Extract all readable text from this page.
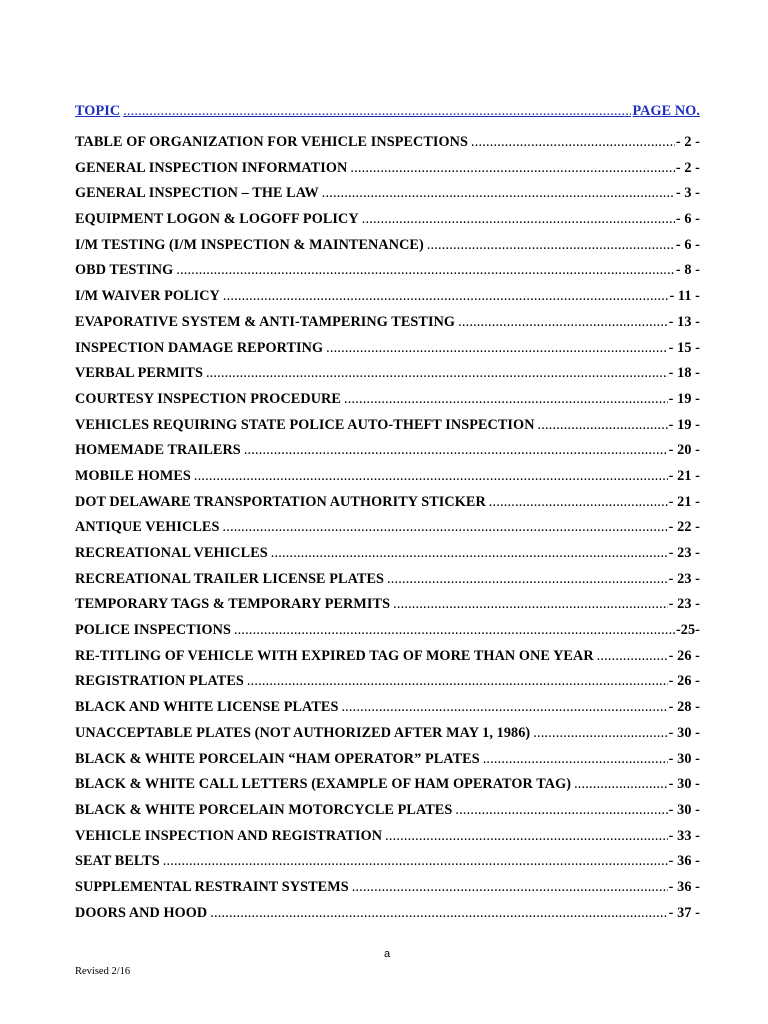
TOPIC .....	PAGE NO.
TABLE OF ORGANIZATION FOR VEHICLE INSPECTIONS .....	- 2 -
GENERAL INSPECTION INFORMATION .....	- 2 -
GENERAL INSPECTION – THE LAW .....	- 3 -
EQUIPMENT LOGON & LOGOFF POLICY .....	- 6 -
I/M TESTING (I/M INSPECTION & MAINTENANCE) .....	- 6 -
OBD TESTING .....	- 8 -
I/M WAIVER POLICY .....	- 11 -
EVAPORATIVE SYSTEM & ANTI-TAMPERING TESTING .....	- 13 -
INSPECTION DAMAGE REPORTING .....	- 15 -
VERBAL PERMITS .....	- 18 -
COURTESY INSPECTION PROCEDURE .....	- 19 -
VEHICLES REQUIRING STATE POLICE AUTO-THEFT INSPECTION .....	- 19 -
HOMEMADE TRAILERS .....	- 20 -
MOBILE HOMES .....	- 21 -
DOT DELAWARE TRANSPORTATION AUTHORITY STICKER .....	- 21 -
ANTIQUE VEHICLES .....	- 22 -
RECREATIONAL VEHICLES .....	- 23 -
RECREATIONAL TRAILER LICENSE PLATES .....	- 23 -
TEMPORARY TAGS & TEMPORARY PERMITS .....	- 23 -
POLICE INSPECTIONS .....	-25-
RE-TITLING OF VEHICLE WITH EXPIRED TAG OF MORE THAN ONE YEAR .....	- 26 -
REGISTRATION PLATES .....	- 26 -
BLACK AND WHITE LICENSE PLATES .....	- 28 -
UNACCEPTABLE PLATES (NOT AUTHORIZED AFTER MAY 1, 1986) .....	- 30 -
BLACK & WHITE PORCELAIN “HAM OPERATOR” PLATES .....	- 30 -
BLACK & WHITE CALL LETTERS (EXAMPLE OF HAM OPERATOR TAG) .....	- 30 -
BLACK & WHITE PORCELAIN MOTORCYCLE PLATES .....	- 30 -
VEHICLE INSPECTION AND REGISTRATION .....	- 33 -
SEAT BELTS .....	- 36 -
SUPPLEMENTAL RESTRAINT SYSTEMS .....	- 36 -
DOORS AND HOOD .....	- 37 -
a
Revised 2/16
